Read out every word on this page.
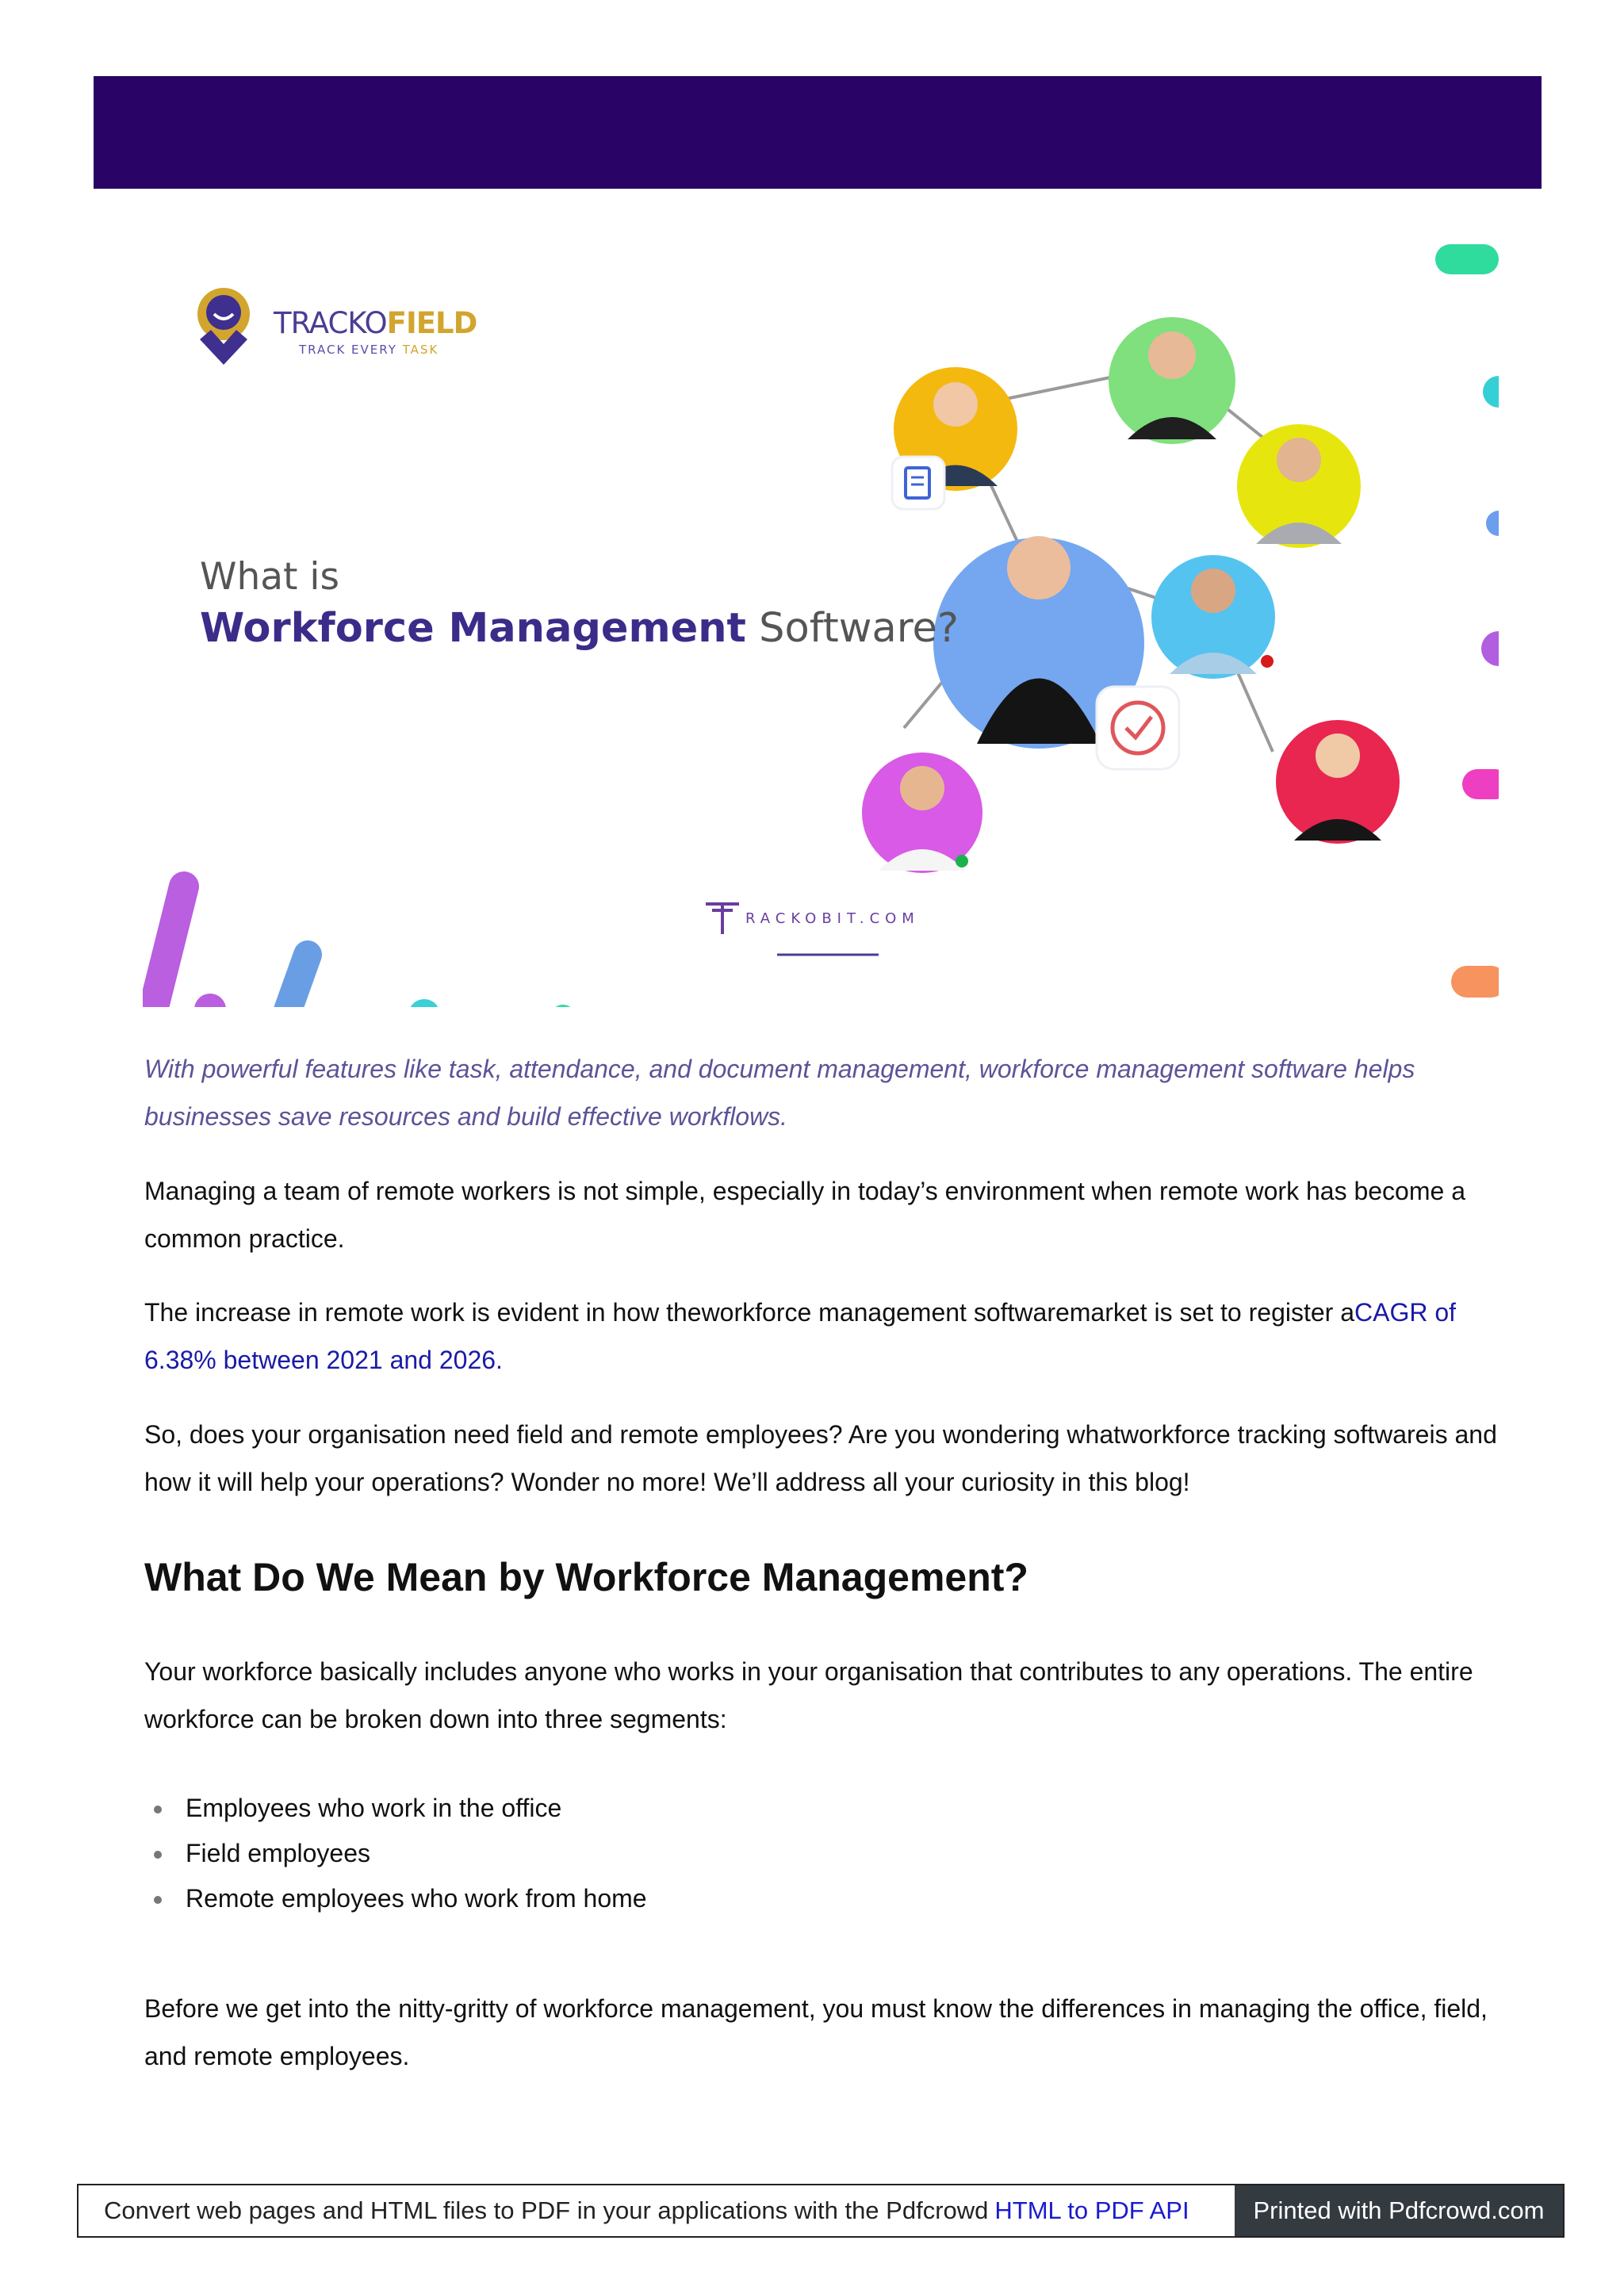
TRACKOFIELD
TRACK EVERY TASK
What is
Workforce Management Software?
RACKOBIT.COM

With powerful features like task, attendance, and document management, workforce management software helps businesses save resources and build effective workflows.

Managing a team of remote workers is not simple, especially in today’s environment when remote work has become a common practice.

The increase in remote work is evident in how theworkforce management softwaremarket is set to register aCAGR of 6.38% between 2021 and 2026.

So, does your organisation need field and remote employees? Are you wondering whatworkforce tracking softwareis and how it will help your operations? Wonder no more! We’ll address all your curiosity in this blog!

What Do We Mean by Workforce Management?

Your workforce basically includes anyone who works in your organisation that contributes to any operations. The entire workforce can be broken down into three segments:

Employees who work in the office
Field employees
Remote employees who work from home

Before we get into the nitty-gritty of workforce management, you must know the differences in managing the office, field, and remote employees.

Convert web pages and HTML files to PDF in your applications with the Pdfcrowd HTML to PDF API	Printed with Pdfcrowd.com
